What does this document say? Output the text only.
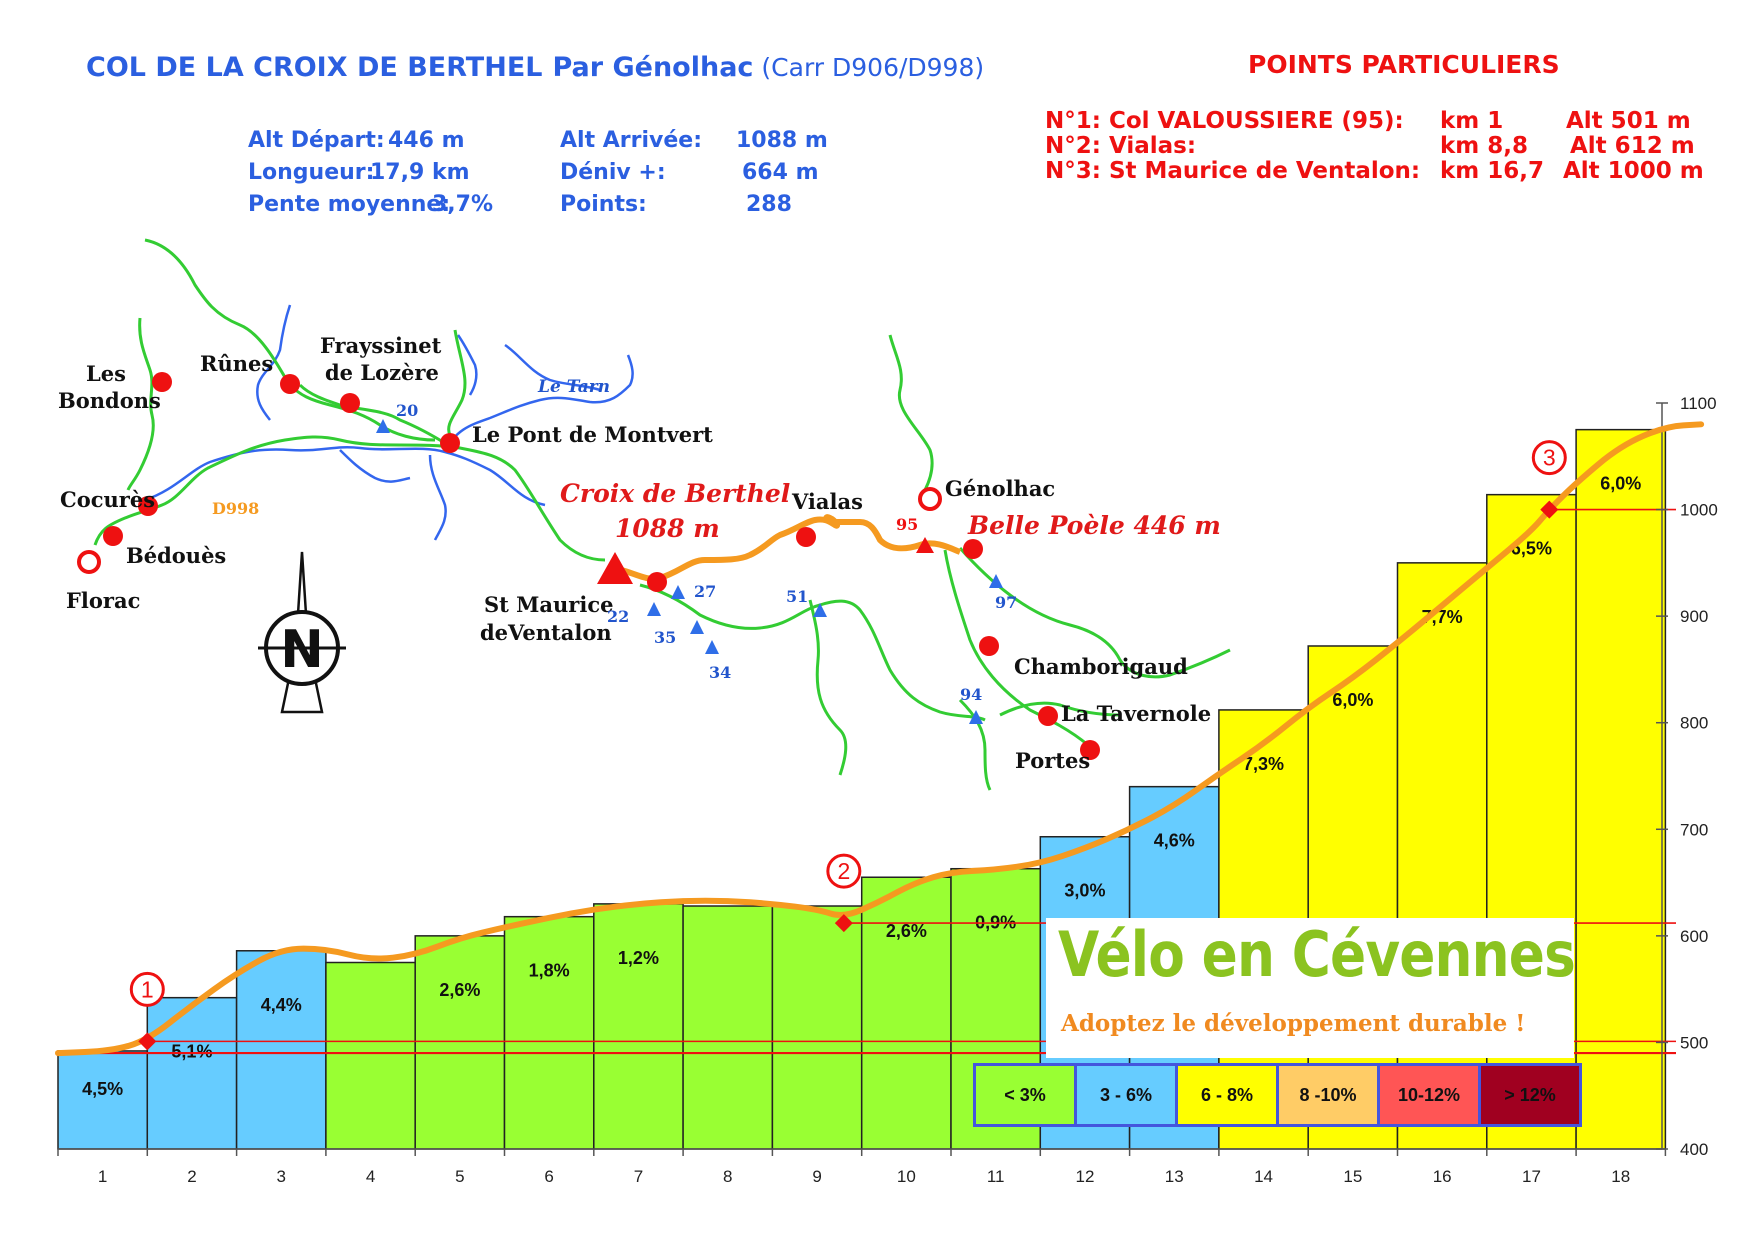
COL DE LA CROIX DE BERTHEL Par Génolhac (Carr D906/D998)
Alt Départ: 446 m
Longueur:
17,9 km
Pente moyenne:
3,7%
Alt Arrivée: 1088 m
Déniv +:	664 m
Points:	288
POINTS PARTICULIERS
N°1: Col VALOUSSIERE (95): km 1	Alt 501 m
N°2: Vialas:	km 8,8 Alt 612 m
N°3: St Maurice de Ventalon: km 16,7 Alt 1000 m
4,5%
5,1%
4,4%
2,6%
1,8%
1,2%
2,6%	0,9%
3,0%
4,6%
7,3%
6,0%
7,7%
6,5%
6,0%
400
500
600
700
800
900
1000
1100
1	2	3	4	5	6	7	8	9	10	11	12	13	14	15	16	17	18
1
2
3
N
Les
Bondons
Rûnes
Frayssinet
de Lozère
Cocurès
Bédouès
Florac
D998
Le Tarn
Le Pont de Montvert
Croix de Berthel
1088 m
St Maurice
deVentalon
Vialas
Génolhac
Belle Poèle 446 m
Chamborigaud
La Tavernole
Portes
20
22
27
35
34
51
95
97
94
Vélo en Cévennes
Adoptez le développement durable !
< 3%	3 - 6%	6 - 8%	8 -10%	10-12%	> 12%
